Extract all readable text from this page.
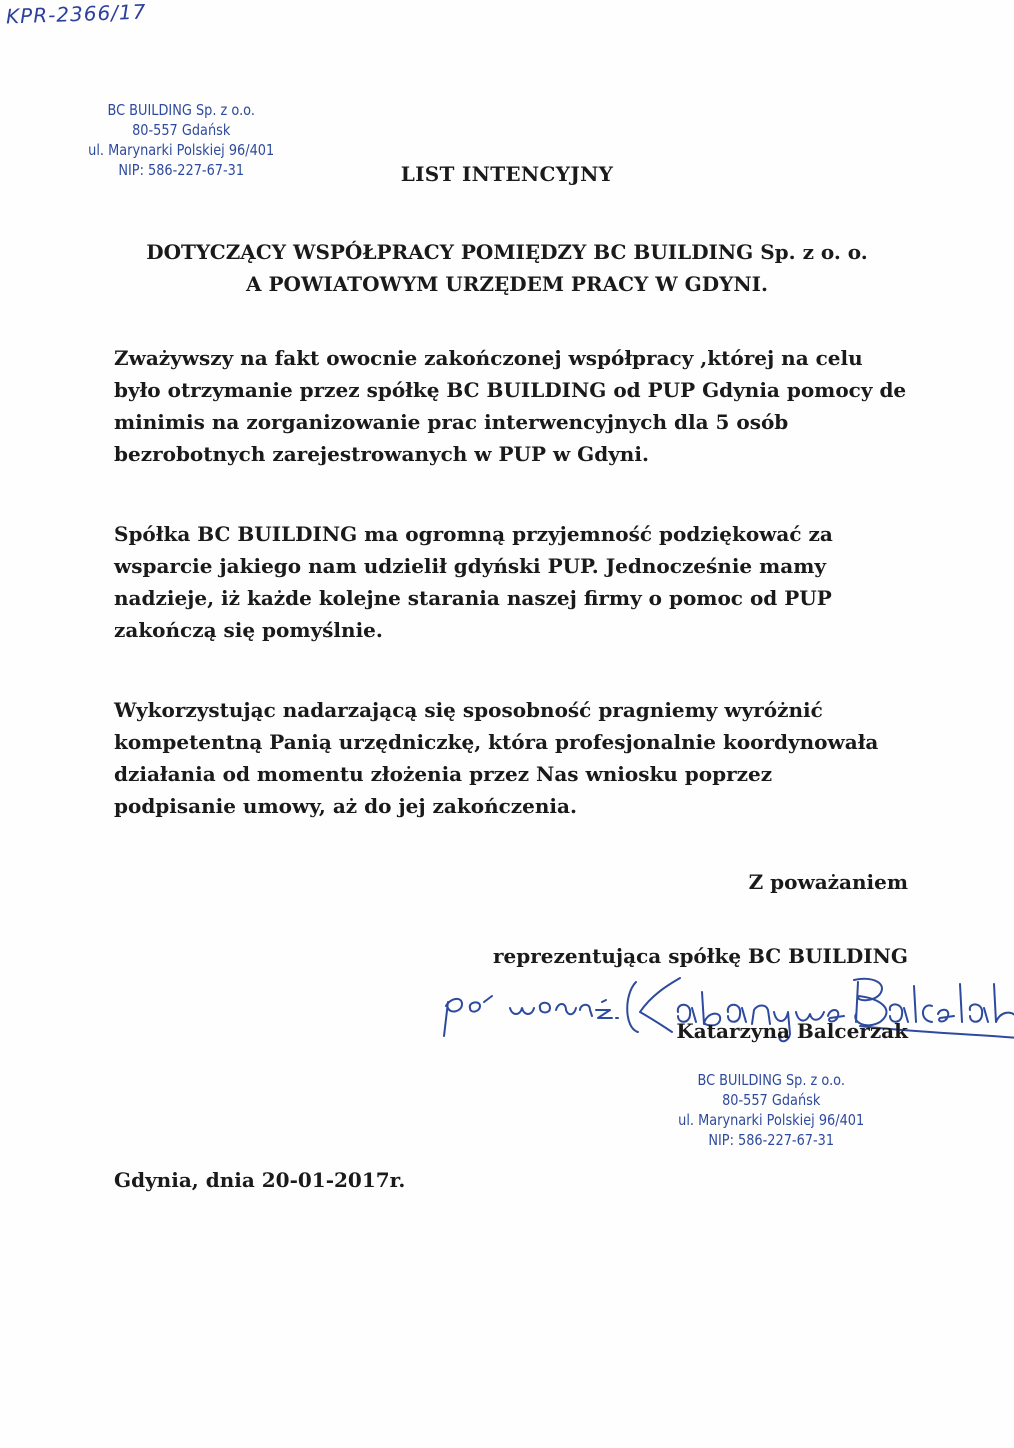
KPR-2366/17
BC BUILDING Sp. z o.o.
80-557 Gdańsk
ul. Marynarki Polskiej 96/401
NIP: 586-227-67-31	LIST INTENCYJNY
DOTYCZĄCY WSPÓŁPRACY POMIĘDZY BC BUILDING Sp. z o. o.
A POWIATOWYM URZĘDEM PRACY W GDYNI.

Zważywszy na fakt owocnie zakończonej współpracy ,której na celu
było otrzymanie przez spółkę BC BUILDING od PUP Gdynia pomocy de
minimis na zorganizowanie prac interwencyjnych dla 5 osób
bezrobotnych zarejestrowanych w PUP w Gdyni.

Spółka BC BUILDING ma ogromną przyjemność podziękować za
wsparcie jakiego nam udzielił gdyński PUP. Jednocześnie mamy
nadzieje, iż każde kolejne starania naszej firmy o pomoc od PUP
zakończą się pomyślnie.

Wykorzystując nadarzającą się sposobność pragniemy wyróżnić
kompetentną Panią urzędniczkę, która profesjonalnie koordynowała
działania od momentu złożenia przez Nas wniosku poprzez
podpisanie umowy, aż do jej zakończenia.

Z poważaniem
reprezentująca spółkę BC BUILDING
Katarzyna Balcerzak
BC BUILDING Sp. z o.o.
80-557 Gdańsk
ul. Marynarki Polskiej 96/401
NIP: 586-227-67-31
Gdynia, dnia 20-01-2017r.
